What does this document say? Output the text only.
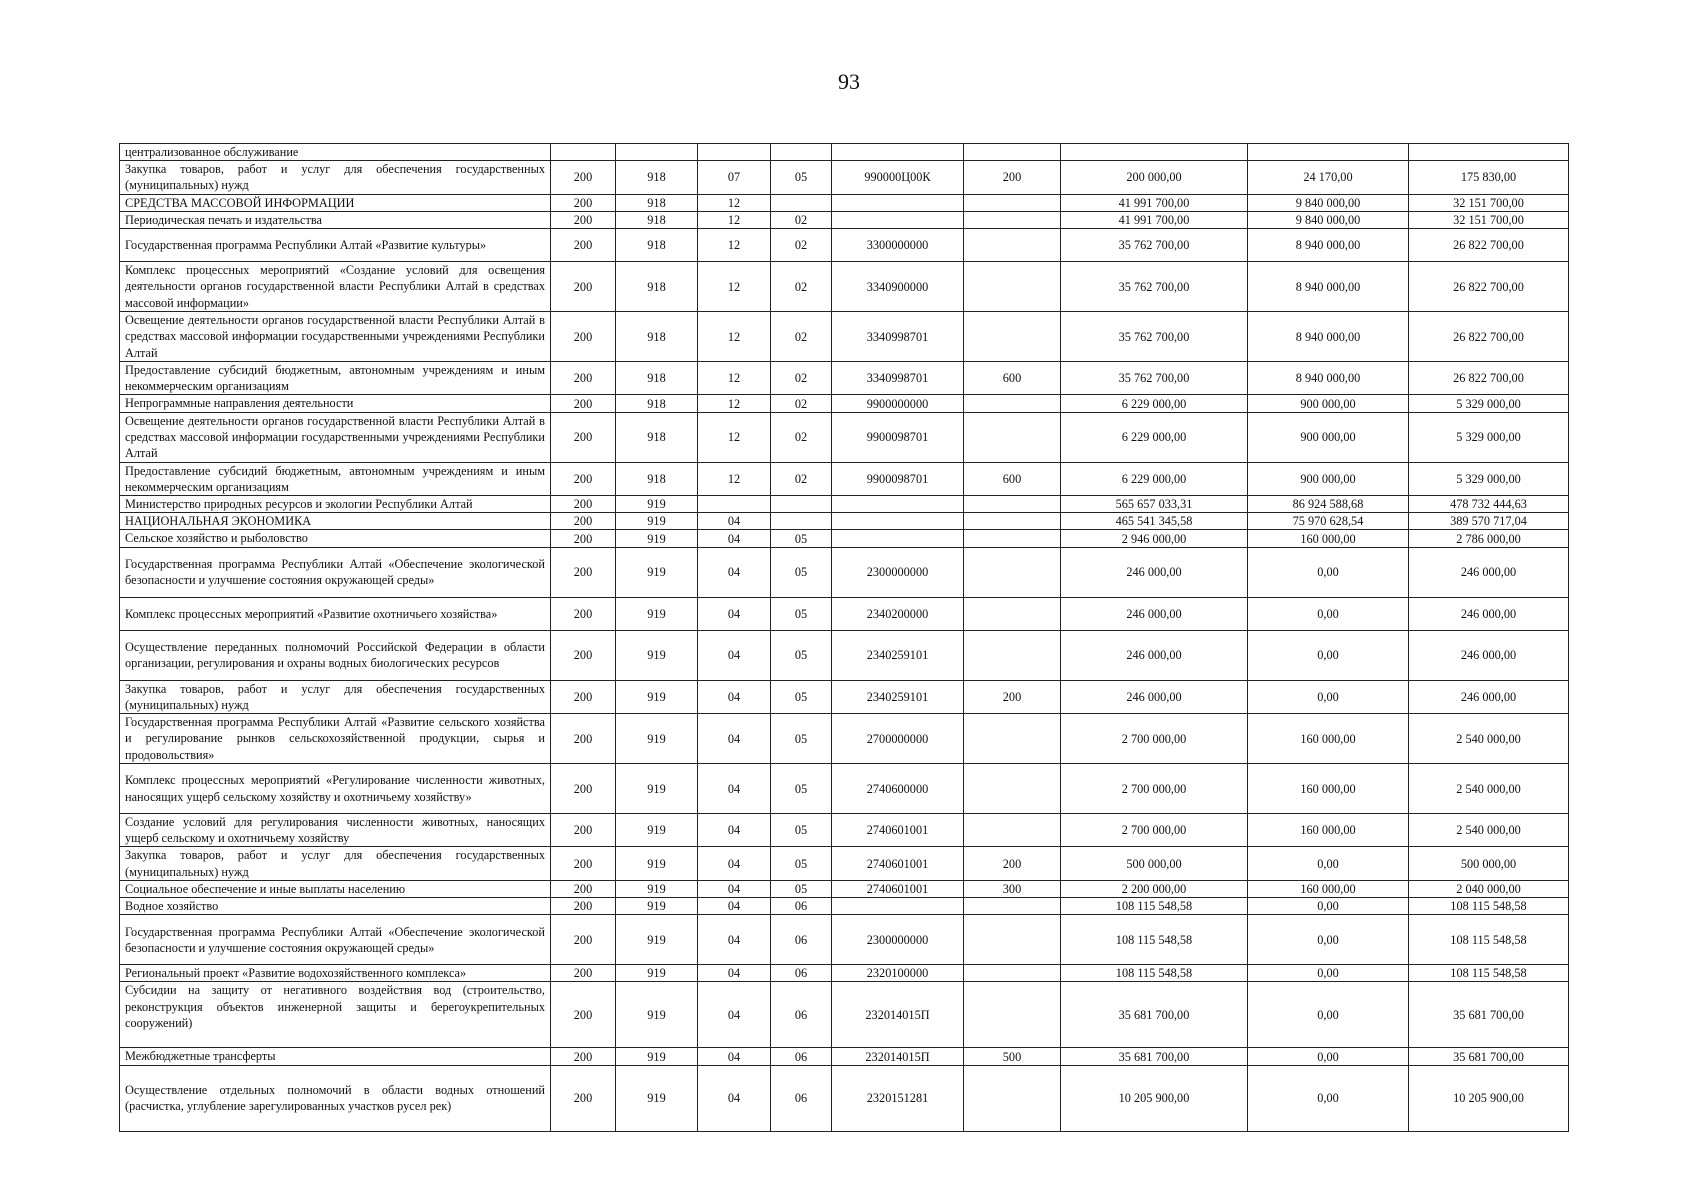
93
централизованное обслуживание									
Закупка товаров, работ и услуг для обеспечения государственных (муниципальных) нужд	200	918	07	05	990000Ц00К	200	200 000,00	24 170,00	175 830,00
СРЕДСТВА МАССОВОЙ ИНФОРМАЦИИ	200	918	12				41 991 700,00	9 840 000,00	32 151 700,00
Периодическая печать и издательства	200	918	12	02			41 991 700,00	9 840 000,00	32 151 700,00
Государственная программа Республики Алтай «Развитие культуры»	200	918	12	02	3300000000		35 762 700,00	8 940 000,00	26 822 700,00
Комплекс процессных мероприятий «Создание условий для освещения деятельности органов государственной власти Республики Алтай в средствах массовой информации»	200	918	12	02	3340900000		35 762 700,00	8 940 000,00	26 822 700,00
Освещение деятельности органов государственной власти Республики Алтай в средствах массовой информации государственными учреждениями Республики Алтай	200	918	12	02	3340998701		35 762 700,00	8 940 000,00	26 822 700,00
Предоставление субсидий бюджетным, автономным учреждениям и иным некоммерческим организациям	200	918	12	02	3340998701	600	35 762 700,00	8 940 000,00	26 822 700,00
Непрограммные направления деятельности	200	918	12	02	9900000000		6 229 000,00	900 000,00	5 329 000,00
Освещение деятельности органов государственной власти Республики Алтай в средствах массовой информации государственными учреждениями Республики Алтай	200	918	12	02	9900098701		6 229 000,00	900 000,00	5 329 000,00
Предоставление субсидий бюджетным, автономным учреждениям и иным некоммерческим организациям	200	918	12	02	9900098701	600	6 229 000,00	900 000,00	5 329 000,00
Министерство природных ресурсов и экологии Республики Алтай	200	919					565 657 033,31	86 924 588,68	478 732 444,63
НАЦИОНАЛЬНАЯ ЭКОНОМИКА	200	919	04				465 541 345,58	75 970 628,54	389 570 717,04
Сельское хозяйство и рыболовство	200	919	04	05			2 946 000,00	160 000,00	2 786 000,00
Государственная программа Республики Алтай «Обеспечение экологической безопасности и улучшение состояния окружающей среды»	200	919	04	05	2300000000		246 000,00	0,00	246 000,00
Комплекс процессных мероприятий «Развитие охотничьего хозяйства»	200	919	04	05	2340200000		246 000,00	0,00	246 000,00
Осуществление переданных полномочий Российской Федерации в области организации, регулирования и охраны водных биологических ресурсов	200	919	04	05	2340259101		246 000,00	0,00	246 000,00
Закупка товаров, работ и услуг для обеспечения государственных (муниципальных) нужд	200	919	04	05	2340259101	200	246 000,00	0,00	246 000,00
Государственная программа Республики Алтай «Развитие сельского хозяйства и регулирование рынков сельскохозяйственной продукции, сырья и продовольствия»	200	919	04	05	2700000000		2 700 000,00	160 000,00	2 540 000,00
Комплекс процессных мероприятий «Регулирование численности животных, наносящих ущерб сельскому хозяйству и охотничьему хозяйству»	200	919	04	05	2740600000		2 700 000,00	160 000,00	2 540 000,00
Создание условий для регулирования численности животных, наносящих ущерб сельскому и охотничьему хозяйству	200	919	04	05	2740601001		2 700 000,00	160 000,00	2 540 000,00
Закупка товаров, работ и услуг для обеспечения государственных (муниципальных) нужд	200	919	04	05	2740601001	200	500 000,00	0,00	500 000,00
Социальное обеспечение и иные выплаты населению	200	919	04	05	2740601001	300	2 200 000,00	160 000,00	2 040 000,00
Водное хозяйство	200	919	04	06			108 115 548,58	0,00	108 115 548,58
Государственная программа Республики Алтай «Обеспечение экологической безопасности и улучшение состояния окружающей среды»	200	919	04	06	2300000000		108 115 548,58	0,00	108 115 548,58
Региональный проект «Развитие водохозяйственного комплекса»	200	919	04	06	2320100000		108 115 548,58	0,00	108 115 548,58
Субсидии на защиту от негативного воздействия вод (строительство, реконструкция объектов инженерной защиты и берегоукрепительных сооружений)	200	919	04	06	232014015П		35 681 700,00	0,00	35 681 700,00
Межбюджетные трансферты	200	919	04	06	232014015П	500	35 681 700,00	0,00	35 681 700,00
Осуществление отдельных полномочий в области водных отношений (расчистка, углубление зарегулированных участков русел рек)	200	919	04	06	2320151281		10 205 900,00	0,00	10 205 900,00
